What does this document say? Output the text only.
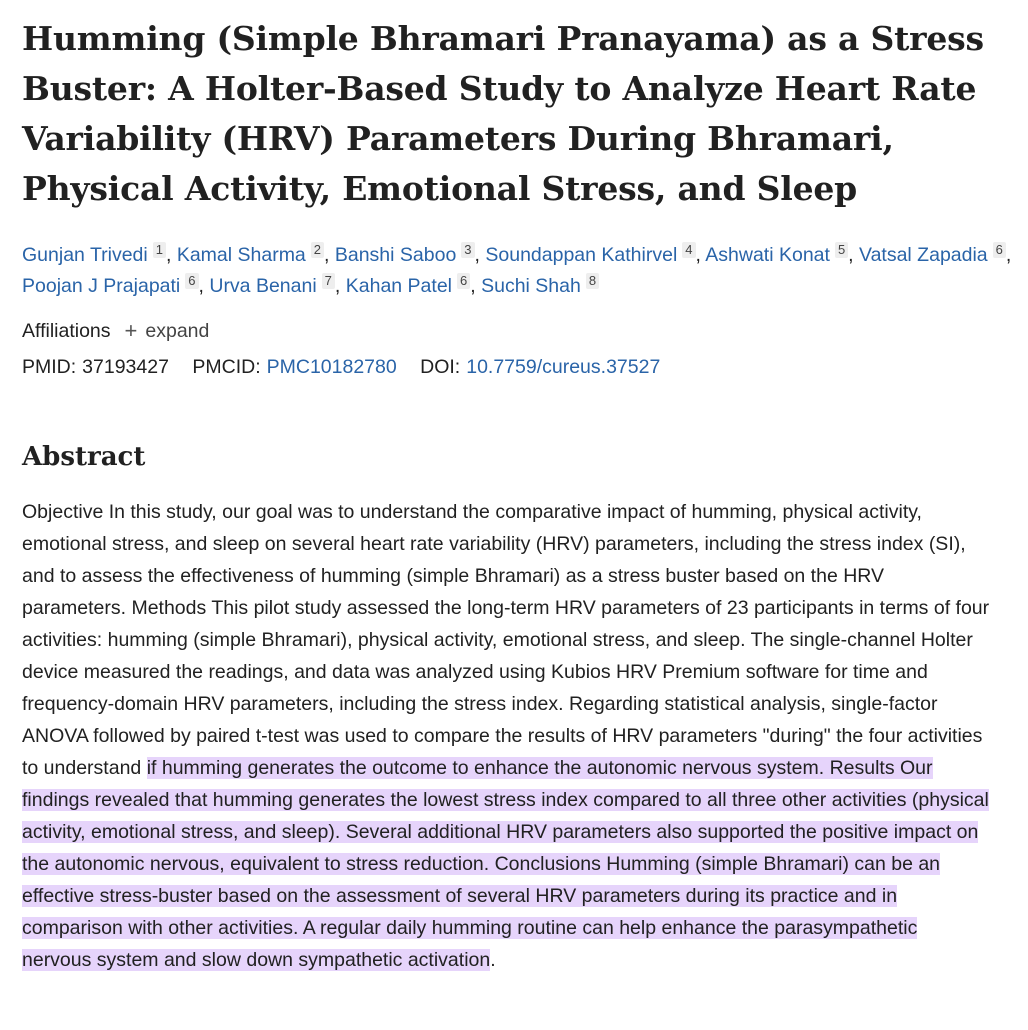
Humming (Simple Bhramari Pranayama) as a Stress Buster: A Holter-Based Study to Analyze Heart Rate Variability (HRV) Parameters During Bhramari, Physical Activity, Emotional Stress, and Sleep
Gunjan Trivedi 1 , Kamal Sharma 2 , Banshi Saboo 3 , Soundappan Kathirvel 4 , Ashwati Konat 5 , Vatsal Zapadia 6 , Poojan J Prajapati 6 , Urva Benani 7 , Kahan Patel 6 , Suchi Shah 8
Affiliations + expand
PMID: 37193427 PMCID: PMC10182780 DOI: 10.7759/cureus.37527
Abstract

Objective In this study, our goal was to understand the comparative impact of humming, physical activity, emotional stress, and sleep on several heart rate variability (HRV) parameters, including the stress index (SI), and to assess the effectiveness of humming (simple Bhramari) as a stress buster based on the HRV parameters. Methods This pilot study assessed the long-term HRV parameters of 23 participants in terms of four activities: humming (simple Bhramari), physical activity, emotional stress, and sleep. The single-channel Holter device measured the readings, and data was analyzed using Kubios HRV Premium software for time and frequency-domain HRV parameters, including the stress index. Regarding statistical analysis, single-factor ANOVA followed by paired t-test was used to compare the results of HRV parameters "during" the four activities to understand if humming generates the outcome to enhance the autonomic nervous system. Results Our findings revealed that humming generates the lowest stress index compared to all three other activities (physical activity, emotional stress, and sleep). Several additional HRV parameters also supported the positive impact on the autonomic nervous, equivalent to stress reduction. Conclusions Humming (simple Bhramari) can be an effective stress-buster based on the assessment of several HRV parameters during its practice and in comparison with other activities. A regular daily humming routine can help enhance the parasympathetic nervous system and slow down sympathetic activation.
